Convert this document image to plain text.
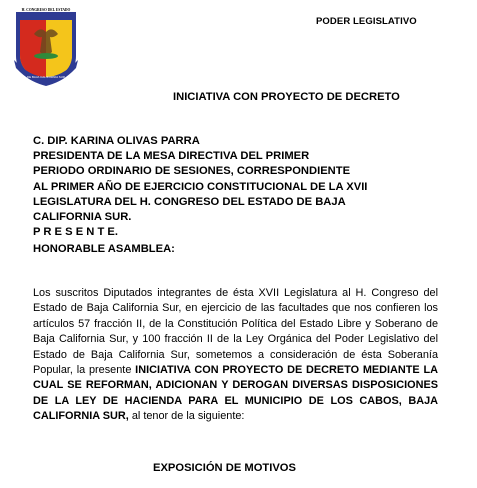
H. CONGRESO DEL ESTADO
DE BAJA CALIFORNIA SUR
PODER LEGISLATIVO
INICIATIVA CON PROYECTO DE DECRETO
C. DIP. KARINA OLIVAS PARRA
PRESIDENTA DE LA MESA DIRECTIVA DEL PRIMER
PERIODO ORDINARIO DE SESIONES, CORRESPONDIENTE
AL PRIMER AÑO DE EJERCICIO CONSTITUCIONAL DE LA XVII
LEGISLATURA DEL H. CONGRESO DEL ESTADO DE BAJA
CALIFORNIA SUR.
P R E S E N T E.
HONORABLE ASAMBLEA:

Los suscritos Diputados integrantes de ésta XVII Legislatura al H. Congreso del Estado de Baja California Sur, en ejercicio de las facultades que nos confieren los artículos 57 fracción II, de la Constitución Política del Estado Libre y Soberano de Baja California Sur, y 100 fracción II de la Ley Orgánica del Poder Legislativo del Estado de Baja California Sur, sometemos a consideración de ésta Soberanía Popular, la presente INICIATIVA CON PROYECTO DE DECRETO MEDIANTE LA CUAL SE REFORMAN, ADICIONAN Y DEROGAN DIVERSAS DISPOSICIONES DE LA LEY DE HACIENDA PARA EL MUNICIPIO DE LOS CABOS, BAJA CALIFORNIA SUR, al tenor de la siguiente:

EXPOSICIÓN DE MOTIVOS
